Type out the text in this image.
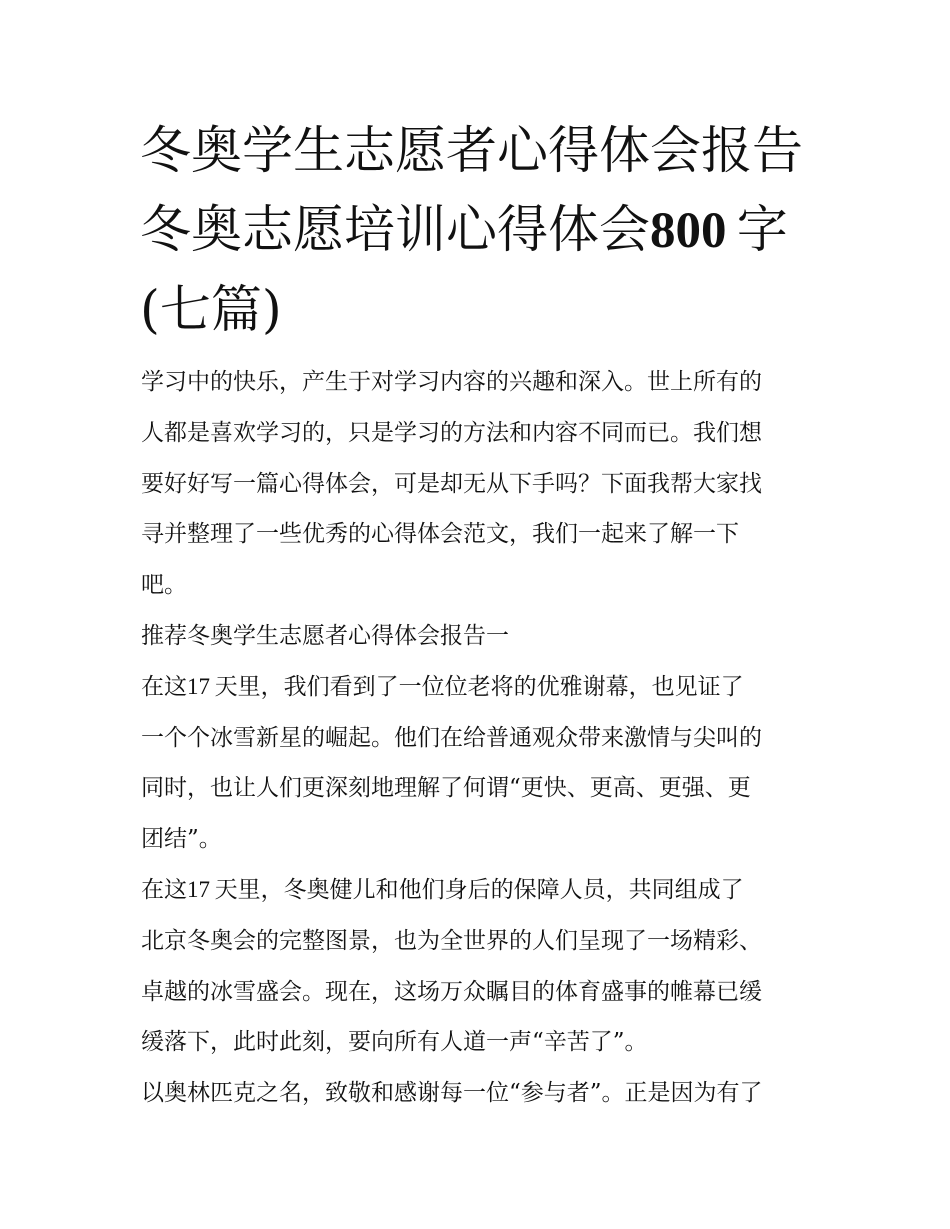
冬奥学生志愿者心得体会报告
冬奥志愿培训心得体会800  字
(七篇)
学习中的快乐，产生于对学习内容的兴趣和深入。世上所有的
人都是喜欢学习的，只是学习的方法和内容不同而已。我们想
要好好写一篇心得体会，可是却无从下手吗？下面我帮大家找
寻并整理了一些优秀的心得体会范文，我们一起来了解一下
吧。
推荐冬奥学生志愿者心得体会报告一
在这17  天里，我们看到了一位位老将的优雅谢幕，也见证了
一个个冰雪新星的崛起。他们在给普通观众带来激情与尖叫的
同时，也让人们更深刻地理解了何谓“更快、更高、更强、更
团结”。
在这17  天里，冬奥健儿和他们身后的保障人员，共同组成了
北京冬奥会的完整图景，也为全世界的人们呈现了一场精彩、
卓越的冰雪盛会。现在，这场万众瞩目的体育盛事的帷幕已缓
缓落下，此时此刻，要向所有人道一声“辛苦了”。
以奥林匹克之名，致敬和感谢每一位“参与者”。正是因为有了
